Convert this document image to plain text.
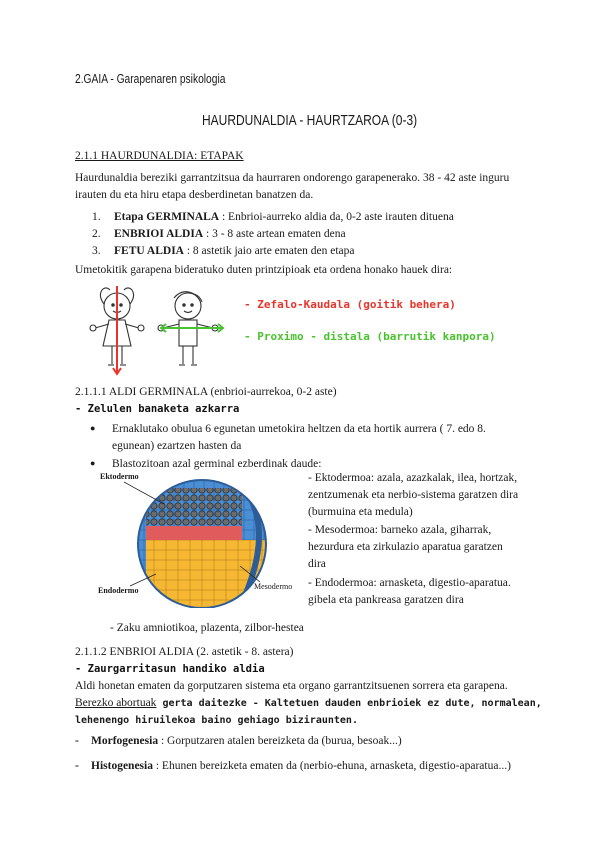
2.GAIA - Garapenaren psikologia
HAURDUNALDIA - HAURTZAROA (0-3)
2.1.1 HAURDUNALDIA: ETAPAK
Haurdunaldia bereziki garrantzitsua da haurraren ondorengo garapenerako. 38 - 42 aste inguru
irauten du eta hiru etapa desberdinetan banatzen da.
1. Etapa GERMINALA : Enbrioi-aurreko aldia da, 0-2 aste irauten dituena
2. ENBRIOI ALDIA : 3 - 8 aste artean ematen dena
3. FETU ALDIA : 8 astetik jaio arte ematen den etapa
Umetokitik garapena bideratuko duten printzipioak eta ordena honako hauek dira:
- Zefalo-Kaudala (goitik behera)
- Proximo - distala (barrutik kanpora)
2.1.1.1 ALDI GERMINALA (enbrioi-aurrekoa, 0-2 aste)
- Zelulen banaketa azkarra
● Ernaklutako obulua 6 egunetan umetokira heltzen da eta hortik aurrera ( 7. edo 8.
egunean) ezartzen hasten da
● Blastozitoan azal germinal ezberdinak daude:
Ektodermo
Endodermo	Mesodermo
- Ektodermoa: azala, azazkalak, ilea, hortzak,
zentzumenak eta nerbio-sistema garatzen dira
(burmuina eta medula)
- Mesodermoa: barneko azala, giharrak,
hezurdura eta zirkulazio aparatua garatzen
dira
- Endodermoa: arnasketa, digestio-aparatua.
gibela eta pankreasa garatzen dira
- Zaku amniotikoa, plazenta, zilbor-hestea
2.1.1.2 ENBRIOI ALDIA (2. astetik - 8. astera)
- Zaurgarritasun handiko aldia
Aldi honetan ematen da gorputzaren sistema eta organo garrantzitsuenen sorrera eta garapena.
Berezko abortuak gerta daitezke - Kaltetuen dauden enbrioiek ez dute, normalean,
lehenengo hiruilekoa baino gehiago biziraunten.
- Morfogenesia : Gorputzaren atalen bereizketa da (burua, besoak...)
- Histogenesia : Ehunen bereizketa ematen da (nerbio-ehuna, arnasketa, digestio-aparatua...)
